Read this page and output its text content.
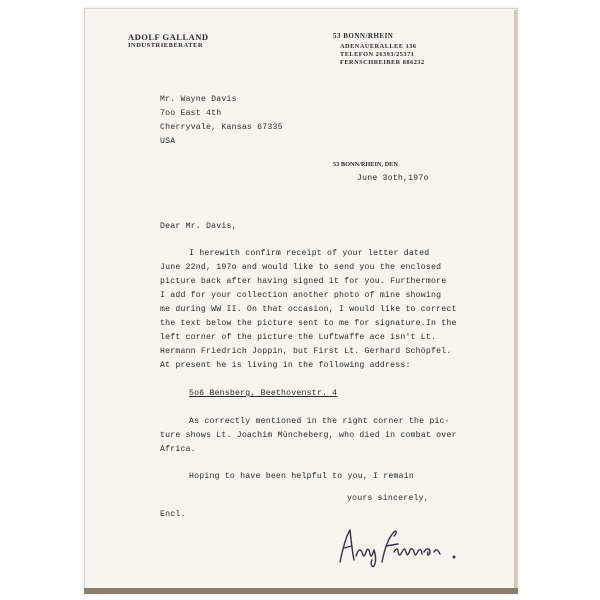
ADOLF GALLAND
INDUSTRIEBERATER
53 BONN/RHEIN
ADENAUERALLEE 136
TELEFON 26393/25371
FERNSCHREIBER 886232
Mr. Wayne Davis
7oo East 4th
Cherryvale, Kansas 67335
USA
53 BONN/RHEIN, DEN
June 3oth,197o
Dear Mr. Davis,
I herewith confirm receipt of your letter dated
June 22nd, 197o and would like to send you the enclosed
picture back after having signed it for you. Furthermore
I add for your collection another photo of mine showing
me during WW II. On that occasion, I would like to correct
the text below the picture sent to me for signature.In the
left corner of the picture the Luftwaffe ace isn't Lt.
Hermann Friedrich Joppin, but First Lt. Gerhard Schöpfel.
At present he is living in the following address:
5o6 Bensberg, Beethovenstr. 4
As correctly mentioned in the right corner the pic-
ture shows Lt. Joachim Müncheberg, who died in combat over
Africa.
Hoping to have been helpful to you, I remain
yours sincerely,
Encl.
